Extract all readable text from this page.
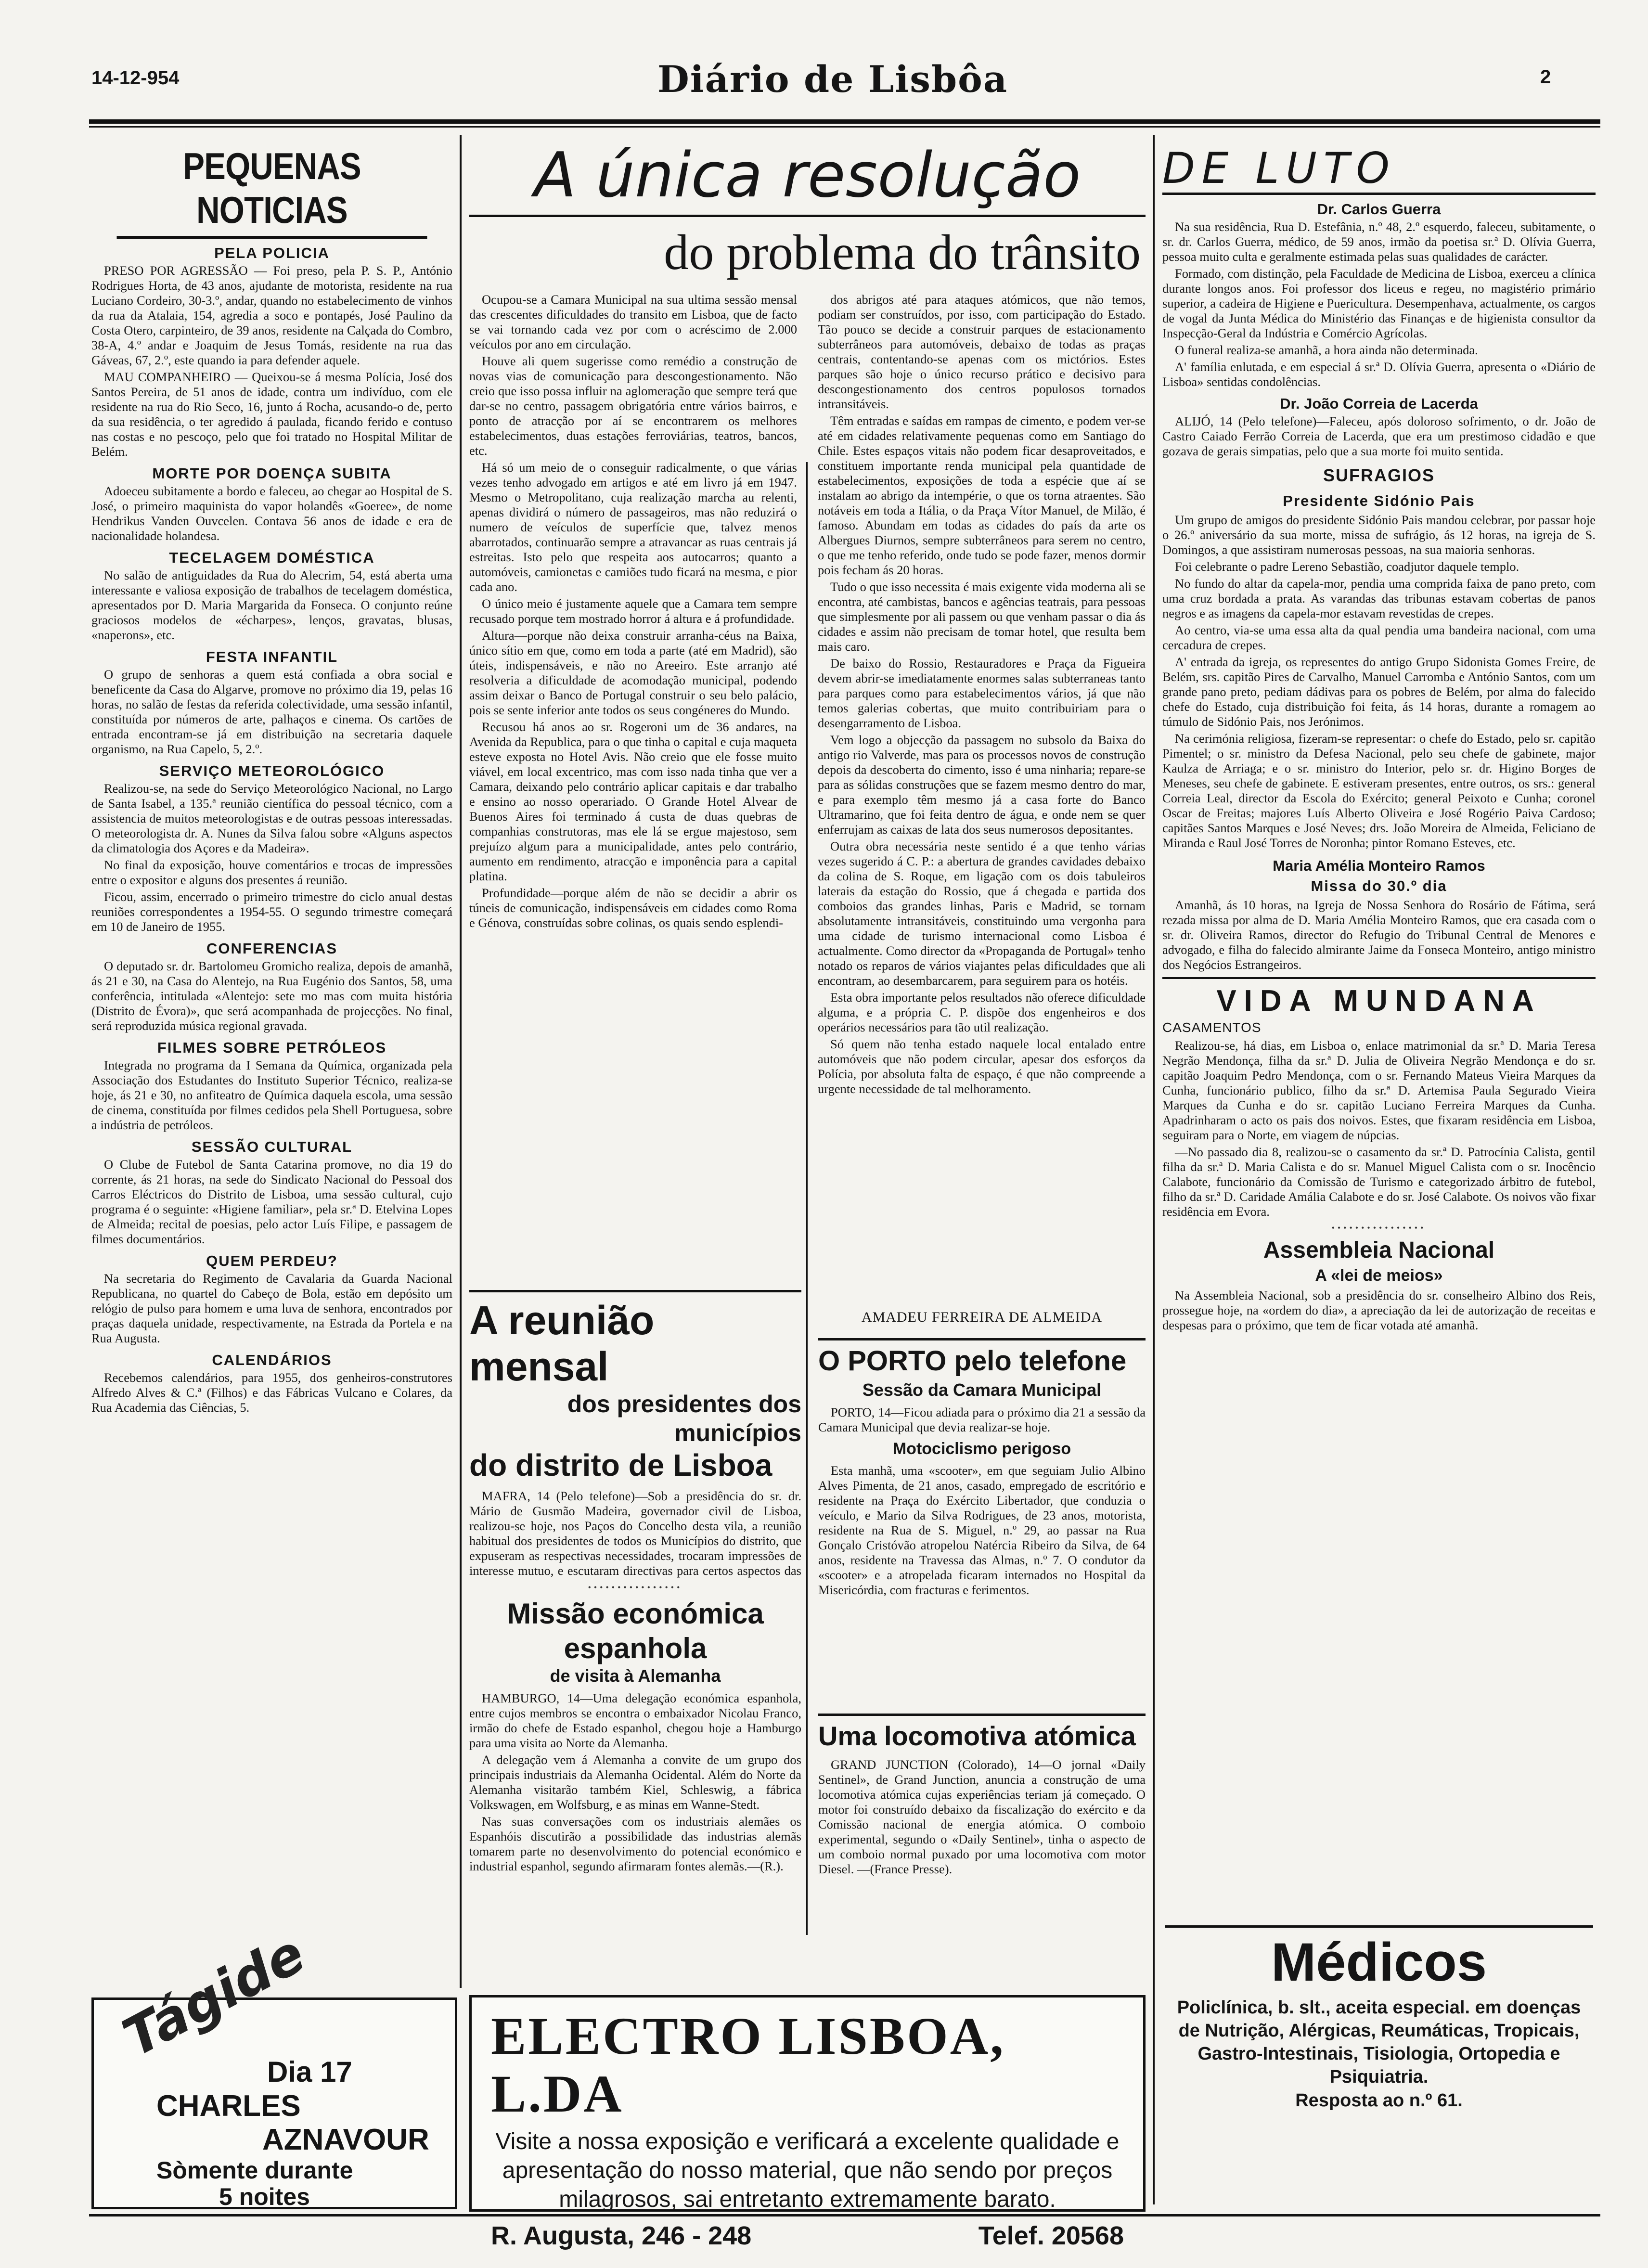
14-12-954	Diário de Lisbôa	2
PEQUENAS NOTICIAS
PELA POLICIA

PRESO POR AGRESSÃO — Foi preso, pela P. S. P., António Rodrigues Horta, de 43 anos, ajudante de motorista, residente na rua Luciano Cordeiro, 30-3.º, andar, quando no estabelecimento de vinhos da rua da Atalaia, 154, agredia a soco e pontapés, José Paulino da Costa Otero, carpinteiro, de 39 anos, residente na Calçada do Combro, 38-A, 4.º andar e Joaquim de Jesus Tomás, residente na rua das Gáveas, 67, 2.º, este quando ia para defender aquele.

MAU COMPANHEIRO — Queixou-se á mesma Polícia, José dos Santos Pereira, de 51 anos de idade, contra um indivíduo, com ele residente na rua do Rio Seco, 16, junto á Rocha, acusando-o de, perto da sua residência, o ter agredido á paulada, ficando ferido e contuso nas costas e no pescoço, pelo que foi tratado no Hospital Militar de Belém.

MORTE POR DOENÇA SUBITA

Adoeceu subitamente a bordo e faleceu, ao chegar ao Hospital de S. José, o primeiro maquinista do vapor holandês «Goeree», de nome Hendrikus Vanden Ouvcelen. Contava 56 anos de idade e era de nacionalidade holandesa.

TECELAGEM DOMÉSTICA

No salão de antiguidades da Rua do Alecrim, 54, está aberta uma interessante e valiosa exposição de trabalhos de tecelagem doméstica, apresentados por D. Maria Margarida da Fonseca. O conjunto reúne graciosos modelos de «écharpes», lenços, gravatas, blusas, «naperons», etc.

FESTA INFANTIL

O grupo de senhoras a quem está confiada a obra social e beneficente da Casa do Algarve, promove no próximo dia 19, pelas 16 horas, no salão de festas da referida colectividade, uma sessão infantil, constituída por números de arte, palhaços e cinema. Os cartões de entrada encontram-se já em distribuição na secretaria daquele organismo, na Rua Capelo, 5, 2.º.

SERVIÇO METEOROLÓGICO

Realizou-se, na sede do Serviço Meteorológico Nacional, no Largo de Santa Isabel, a 135.ª reunião científica do pessoal técnico, com a assistencia de muitos meteorologistas e de outras pessoas interessadas. O meteorologista dr. A. Nunes da Silva falou sobre «Alguns aspectos da climatologia dos Açores e da Madeira».

No final da exposição, houve comentários e trocas de impressões entre o expositor e alguns dos presentes á reunião.

Ficou, assim, encerrado o primeiro trimestre do ciclo anual destas reuniões correspondentes a 1954-55. O segundo trimestre começará em 10 de Janeiro de 1955.

CONFERENCIAS

O deputado sr. dr. Bartolomeu Gromicho realiza, depois de amanhã, ás 21 e 30, na Casa do Alentejo, na Rua Eugénio dos Santos, 58, uma conferência, intitulada «Alentejo: sete mo mas com muita história (Distrito de Évora)», que será acompanhada de projecções. No final, será reproduzida música regional gravada.

FILMES SOBRE PETRÓLEOS

Integrada no programa da I Semana da Química, organizada pela Associação dos Estudantes do Instituto Superior Técnico, realiza-se hoje, ás 21 e 30, no anfiteatro de Química daquela escola, uma sessão de cinema, constituída por filmes cedidos pela Shell Portuguesa, sobre a indústria de petróleos.

SESSÃO CULTURAL

O Clube de Futebol de Santa Catarina promove, no dia 19 do corrente, ás 21 horas, na sede do Sindicato Nacional do Pessoal dos Carros Eléctricos do Distrito de Lisboa, uma sessão cultural, cujo programa é o seguinte: «Higiene familiar», pela sr.ª D. Etelvina Lopes de Almeida; recital de poesias, pelo actor Luís Filipe, e passagem de filmes documentários.

QUEM PERDEU?

Na secretaria do Regimento de Cavalaria da Guarda Nacional Republicana, no quartel do Cabeço de Bola, estão em depósito um relógio de pulso para homem e uma luva de senhora, encontrados por praças daquela unidade, respectivamente, na Estrada da Portela e na Rua Augusta.

CALENDÁRIOS

Recebemos calendários, para 1955, dos genheiros-construtores Alfredo Alves & C.ª (Filhos) e das Fábricas Vulcano e Colares, da Rua Academia das Ciências, 5.

Tágide
Dia 17
CHARLES
AZNAVOUR
Sòmente durante
5 noites
A única resolução
do problema do trânsito

Ocupou-se a Camara Municipal na sua ultima sessão mensal das crescentes dificuldades do transito em Lisboa, que de facto se vai tornando cada vez por com o acréscimo de 2.000 veículos por ano em circulação.

Houve ali quem sugerisse como remédio a construção de novas vias de comunicação para descongestionamento. Não creio que isso possa influir na aglomeração que sempre terá que dar-se no centro, passagem obrigatória entre vários bairros, e ponto de atracção por aí se encontrarem os melhores estabelecimentos, duas estações ferroviárias, teatros, bancos, etc.

Há só um meio de o conseguir radicalmente, o que várias vezes tenho advogado em artigos e até em livro já em 1947. Mesmo o Metropolitano, cuja realização marcha au relenti, apenas dividirá o número de passageiros, mas não reduzirá o numero de veículos de superfície que, talvez menos abarrotados, continuarão sempre a atravancar as ruas centrais já estreitas. Isto pelo que respeita aos autocarros; quanto a automóveis, camionetas e camiões tudo ficará na mesma, e pior cada ano.

O único meio é justamente aquele que a Camara tem sempre recusado porque tem mostrado horror á altura e á profundidade.

Altura—porque não deixa construir arranha-céus na Baixa, único sítio em que, como em toda a parte (até em Madrid), são úteis, indispensáveis, e não no Areeiro. Este arranjo até resolveria a dificuldade de acomodação municipal, podendo assim deixar o Banco de Portugal construir o seu belo palácio, pois se sente inferior ante todos os seus congéneres do Mundo.

Recusou há anos ao sr. Rogeroni um de 36 andares, na Avenida da Republica, para o que tinha o capital e cuja maqueta esteve exposta no Hotel Avis. Não creio que ele fosse muito viável, em local excentrico, mas com isso nada tinha que ver a Camara, deixando pelo contrário aplicar capitais e dar trabalho e ensino ao nosso operariado. O Grande Hotel Alvear de Buenos Aires foi terminado á custa de duas quebras de companhias construtoras, mas ele lá se ergue majestoso, sem prejuízo algum para a municipalidade, antes pelo contrário, aumento em rendimento, atracção e imponência para a capital platina.

Profundidade—porque além de não se decidir a abrir os túneis de comunicação, indispensáveis em cidades como Roma e Génova, construídas sobre colinas, os quais sendo esplendi-

dos abrigos até para ataques atómicos, que não temos, podiam ser construídos, por isso, com participação do Estado. Tão pouco se decide a construir parques de estacionamento subterrâneos para automóveis, debaixo de todas as praças centrais, contentando-se apenas com os mictórios. Estes parques são hoje o único recurso prático e decisivo para descongestionamento dos centros populosos tornados intransitáveis.

Têm entradas e saídas em rampas de cimento, e podem ver-se até em cidades relativamente pequenas como em Santiago do Chile. Estes espaços vitais não podem ficar desaproveitados, e constituem importante renda municipal pela quantidade de estabelecimentos, exposições de toda a espécie que aí se instalam ao abrigo da intempérie, o que os torna atraentes. São notáveis em toda a Itália, o da Praça Vítor Manuel, de Milão, é famoso. Abundam em todas as cidades do país da arte os Albergues Diurnos, sempre subterrâneos para serem no centro, o que me tenho referido, onde tudo se pode fazer, menos dormir pois fecham ás 20 horas.

Tudo o que isso necessita é mais exigente vida moderna ali se encontra, até cambistas, bancos e agências teatrais, para pessoas que simplesmente por ali passem ou que venham passar o dia ás cidades e assim não precisam de tomar hotel, que resulta bem mais caro.

De baixo do Rossio, Restauradores e Praça da Figueira devem abrir-se imediatamente enormes salas subterraneas tanto para parques como para estabelecimentos vários, já que não temos galerias cobertas, que muito contribuiriam para o desengarramento de Lisboa.

Vem logo a objecção da passagem no subsolo da Baixa do antigo rio Valverde, mas para os processos novos de construção depois da descoberta do cimento, isso é uma ninharia; repare-se para as sólidas construções que se fazem mesmo dentro do mar, e para exemplo têm mesmo já a casa forte do Banco Ultramarino, que foi feita dentro de água, e onde nem se quer enferrujam as caixas de lata dos seus numerosos depositantes.

Outra obra necessária neste sentido é a que tenho várias vezes sugerido á C. P.: a abertura de grandes cavidades debaixo da colina de S. Roque, em ligação com os dois tabuleiros laterais da estação do Rossio, que á chegada e partida dos comboios das grandes linhas, Paris e Madrid, se tornam absolutamente intransitáveis, constituindo uma vergonha para uma cidade de turismo internacional como Lisboa é actualmente. Como director da «Propaganda de Portugal» tenho notado os reparos de vários viajantes pelas dificuldades que ali encontram, ao desembarcarem, para seguirem para os hotéis.

Esta obra importante pelos resultados não oferece dificuldade alguma, e a própria C. P. dispõe dos engenheiros e dos operários necessários para tão util realização.

Só quem não tenha estado naquele local entalado entre automóveis que não podem circular, apesar dos esforços da Polícia, por absoluta falta de espaço, é que não compreende a urgente necessidade de tal melhoramento.

A reunião mensal
dos presidentes dos municípios
do distrito de Lisboa

MAFRA, 14 (Pelo telefone)—Sob a presidência do sr. dr. Mário de Gusmão Madeira, governador civil de Lisboa, realizou-se hoje, nos Paços do Concelho desta vila, a reunião habitual dos presidentes de todos os Municípios do distrito, que expuseram as respectivas necessidades, trocaram impressões de interesse mutuo, e escutaram directivas para certos aspectos das

••••••••••••••••
Missão económica espanhola
de visita à Alemanha

HAMBURGO, 14—Uma delegação económica espanhola, entre cujos membros se encontra o embaixador Nicolau Franco, irmão do chefe de Estado espanhol, chegou hoje a Hamburgo para uma visita ao Norte da Alemanha.

A delegação vem á Alemanha a convite de um grupo dos principais industriais da Alemanha Ocidental. Além do Norte da Alemanha visitarão também Kiel, Schleswig, a fábrica Volkswagen, em Wolfsburg, e as minas em Wanne-Stedt.

Nas suas conversações com os industriais alemães os Espanhóis discutirão a possibilidade das industrias alemãs tomarem parte no desenvolvimento do potencial económico e industrial espanhol, segundo afirmaram fontes alemãs.—(R.).

AMADEU FERREIRA DE ALMEIDA
O PORTO pelo telefone
Sessão da Camara Municipal

PORTO, 14—Ficou adiada para o próximo dia 21 a sessão da Camara Municipal que devia realizar-se hoje.

Motociclismo perigoso

Esta manhã, uma «scooter», em que seguiam Julio Albino Alves Pimenta, de 21 anos, casado, empregado de escritório e residente na Praça do Exército Libertador, que conduzia o veículo, e Mario da Silva Rodrigues, de 23 anos, motorista, residente na Rua de S. Miguel, n.º 29, ao passar na Rua Gonçalo Cristóvão atropelou Natércia Ribeiro da Silva, de 64 anos, residente na Travessa das Almas, n.º 7. O condutor da «scooter» e a atropelada ficaram internados no Hospital da Misericórdia, com fracturas e ferimentos.

Uma locomotiva atómica

GRAND JUNCTION (Colorado), 14—O jornal «Daily Sentinel», de Grand Junction, anuncia a construção de uma locomotiva atómica cujas experiências teriam já começado. O motor foi construído debaixo da fiscalização do exército e da Comissão nacional de energia atómica. O comboio experimental, segundo o «Daily Sentinel», tinha o aspecto de um comboio normal puxado por uma locomotiva com motor Diesel. —(France Presse).

ELECTRO LISBOA, L.DA
Visite a nossa exposição e verificará a excelente qualidade e apresentação do nosso material, que não sendo por preços milagrosos, sai entretanto extremamente barato.
R. Augusta, 246 - 248	Telef. 20568
DE LUTO
Dr. Carlos Guerra

Na sua residência, Rua D. Estefânia, n.º 48, 2.º esquerdo, faleceu, subitamente, o sr. dr. Carlos Guerra, médico, de 59 anos, irmão da poetisa sr.ª D. Olívia Guerra, pessoa muito culta e geralmente estimada pelas suas qualidades de carácter.

Formado, com distinção, pela Faculdade de Medicina de Lisboa, exerceu a clínica durante longos anos. Foi professor dos liceus e regeu, no magistério primário superior, a cadeira de Higiene e Puericultura. Desempenhava, actualmente, os cargos de vogal da Junta Médica do Ministério das Finanças e de higienista consultor da Inspecção-Geral da Indústria e Comércio Agrícolas.

O funeral realiza-se amanhã, a hora ainda não determinada.

A' família enlutada, e em especial á sr.ª D. Olívia Guerra, apresenta o «Diário de Lisboa» sentidas condolências.

Dr. João Correia de Lacerda

ALIJÓ, 14 (Pelo telefone)—Faleceu, após doloroso sofrimento, o dr. João de Castro Caiado Ferrão Correia de Lacerda, que era um prestimoso cidadão e que gozava de gerais simpatias, pelo que a sua morte foi muito sentida.

SUFRAGIOS
Presidente Sidónio Pais

Um grupo de amigos do presidente Sidónio Pais mandou celebrar, por passar hoje o 26.º aniversário da sua morte, missa de sufrágio, ás 12 horas, na igreja de S. Domingos, a que assistiram numerosas pessoas, na sua maioria senhoras.

Foi celebrante o padre Lereno Sebastião, coadjutor daquele templo.

No fundo do altar da capela-mor, pendia uma comprida faixa de pano preto, com uma cruz bordada a prata. As varandas das tribunas estavam cobertas de panos negros e as imagens da capela-mor estavam revestidas de crepes.

Ao centro, via-se uma essa alta da qual pendia uma bandeira nacional, com uma cercadura de crepes.

A' entrada da igreja, os representes do antigo Grupo Sidonista Gomes Freire, de Belém, srs. capitão Pires de Carvalho, Manuel Carromba e António Santos, com um grande pano preto, pediam dádivas para os pobres de Belém, por alma do falecido chefe do Estado, cuja distribuição foi feita, ás 14 horas, durante a romagem ao túmulo de Sidónio Pais, nos Jerónimos.

Na cerimónia religiosa, fizeram-se representar: o chefe do Estado, pelo sr. capitão Pimentel; o sr. ministro da Defesa Nacional, pelo seu chefe de gabinete, major Kaulza de Arriaga; e o sr. ministro do Interior, pelo sr. dr. Higino Borges de Meneses, seu chefe de gabinete. E estiveram presentes, entre outros, os srs.: general Correia Leal, director da Escola do Exército; general Peixoto e Cunha; coronel Oscar de Freitas; majores Luís Alberto Oliveira e José Rogério Paiva Cardoso; capitães Santos Marques e José Neves; drs. João Moreira de Almeida, Feliciano de Miranda e Raul José Torres de Noronha; pintor Romano Esteves, etc.

Maria Amélia Monteiro Ramos
Missa do 30.º dia

Amanhã, ás 10 horas, na Igreja de Nossa Senhora do Rosário de Fátima, será rezada missa por alma de D. Maria Amélia Monteiro Ramos, que era casada com o sr. dr. Oliveira Ramos, director do Refugio do Tribunal Central de Menores e advogado, e filha do falecido almirante Jaime da Fonseca Monteiro, antigo ministro dos Negócios Estrangeiros.

VIDA MUNDANA
CASAMENTOS

Realizou-se, há dias, em Lisboa o, enlace matrimonial da sr.ª D. Maria Teresa Negrão Mendonça, filha da sr.ª D. Julia de Oliveira Negrão Mendonça e do sr. capitão Joaquim Pedro Mendonça, com o sr. Fernando Mateus Vieira Marques da Cunha, funcionário publico, filho da sr.ª D. Artemisa Paula Segurado Vieira Marques da Cunha e do sr. capitão Luciano Ferreira Marques da Cunha. Apadrinharam o acto os pais dos noivos. Estes, que fixaram residência em Lisboa, seguiram para o Norte, em viagem de núpcias.

—No passado dia 8, realizou-se o casamento da sr.ª D. Patrocínia Calista, gentil filha da sr.ª D. Maria Calista e do sr. Manuel Miguel Calista com o sr. Inocêncio Calabote, funcionário da Comissão de Turismo e categorizado árbitro de futebol, filho da sr.ª D. Caridade Amália Calabote e do sr. José Calabote. Os noivos vão fixar residência em Evora.

••••••••••••••••
Assembleia Nacional
A «lei de meios»

Na Assembleia Nacional, sob a presidência do sr. conselheiro Albino dos Reis, prossegue hoje, na «ordem do dia», a apreciação da lei de autorização de receitas e despesas para o próximo, que tem de ficar votada até amanhã.

Médicos
Policlínica, b. slt., aceita especial. em doenças de Nutrição, Alérgicas, Reumáticas, Tropicais, Gastro-Intestinais, Tisiologia, Ortopedia e Psiquiatria.
Resposta ao n.º 61.
